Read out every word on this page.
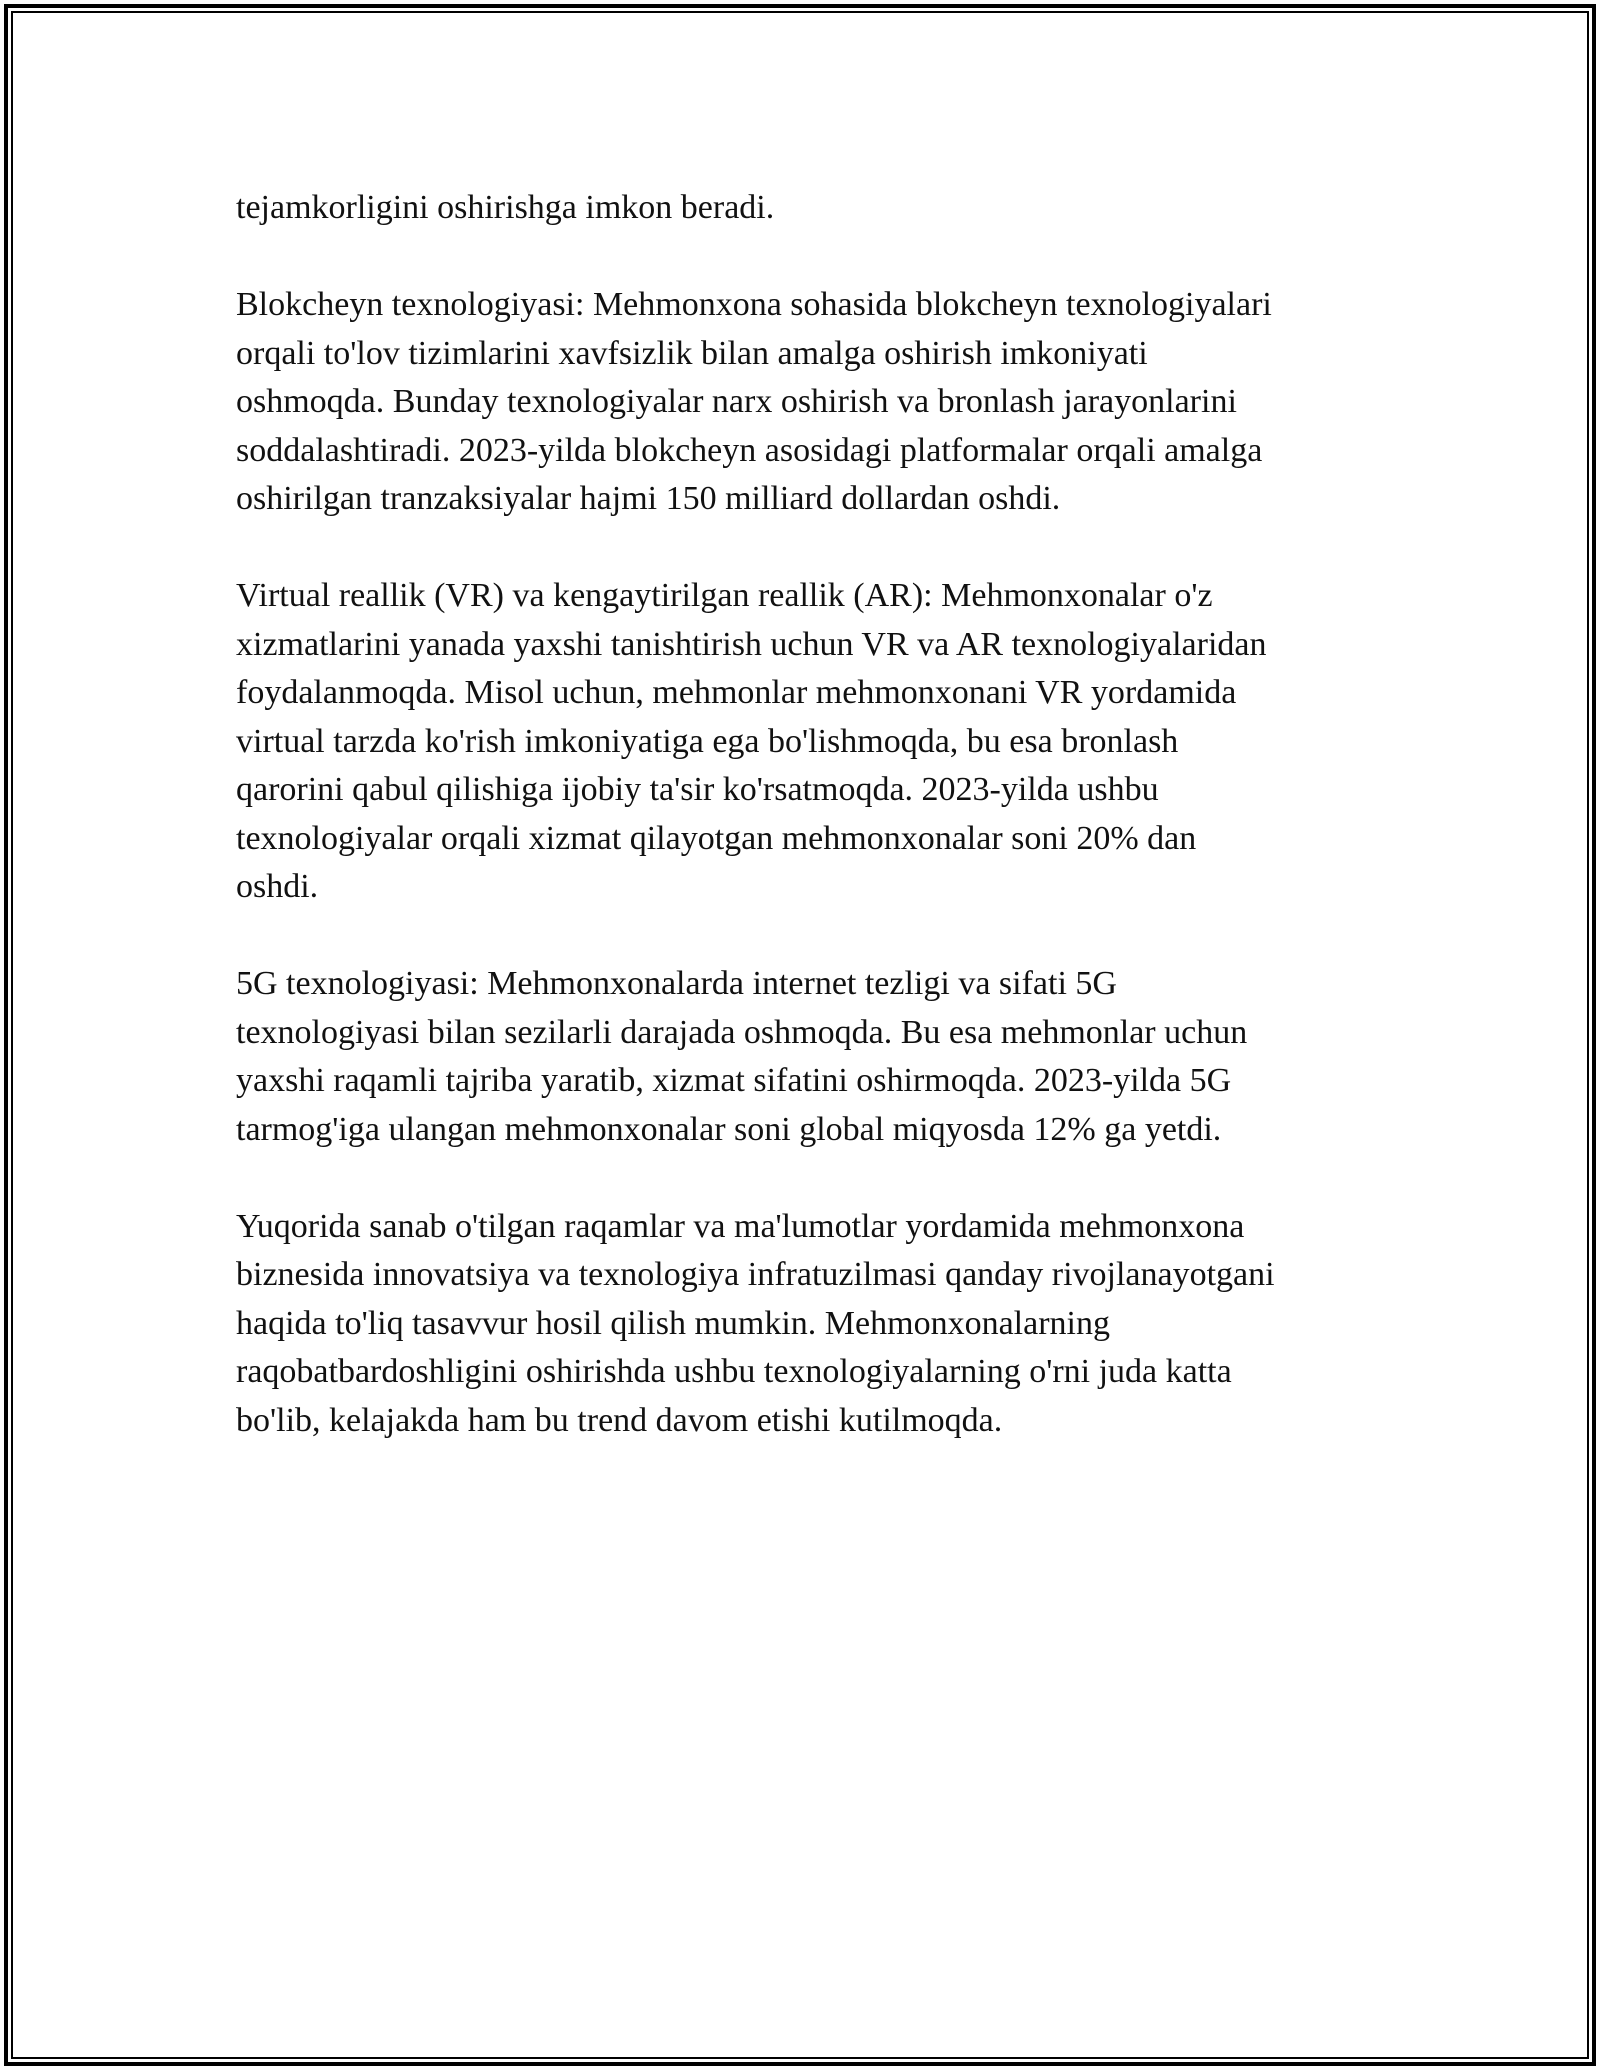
tejamkorligini oshirishga imkon beradi.

Blokcheyn texnologiyasi: Mehmonxona sohasida blokcheyn texnologiyalari
orqali to'lov tizimlarini xavfsizlik bilan amalga oshirish imkoniyati
oshmoqda. Bunday texnologiyalar narx oshirish va bronlash jarayonlarini
soddalashtiradi. 2023-yilda blokcheyn asosidagi platformalar orqali amalga
oshirilgan tranzaksiyalar hajmi 150 milliard dollardan oshdi.

Virtual reallik (VR) va kengaytirilgan reallik (AR): Mehmonxonalar o'z
xizmatlarini yanada yaxshi tanishtirish uchun VR va AR texnologiyalaridan
foydalanmoqda. Misol uchun, mehmonlar mehmonxonani VR yordamida
virtual tarzda ko'rish imkoniyatiga ega bo'lishmoqda, bu esa bronlash
qarorini qabul qilishiga ijobiy ta'sir ko'rsatmoqda. 2023-yilda ushbu
texnologiyalar orqali xizmat qilayotgan mehmonxonalar soni 20% dan
oshdi.

5G texnologiyasi: Mehmonxonalarda internet tezligi va sifati 5G
texnologiyasi bilan sezilarli darajada oshmoqda. Bu esa mehmonlar uchun
yaxshi raqamli tajriba yaratib, xizmat sifatini oshirmoqda. 2023-yilda 5G
tarmog'iga ulangan mehmonxonalar soni global miqyosda 12% ga yetdi.

Yuqorida sanab o'tilgan raqamlar va ma'lumotlar yordamida mehmonxona
biznesida innovatsiya va texnologiya infratuzilmasi qanday rivojlanayotgani
haqida to'liq tasavvur hosil qilish mumkin. Mehmonxonalarning
raqobatbardoshligini oshirishda ushbu texnologiyalarning o'rni juda katta
bo'lib, kelajakda ham bu trend davom etishi kutilmoqda.
